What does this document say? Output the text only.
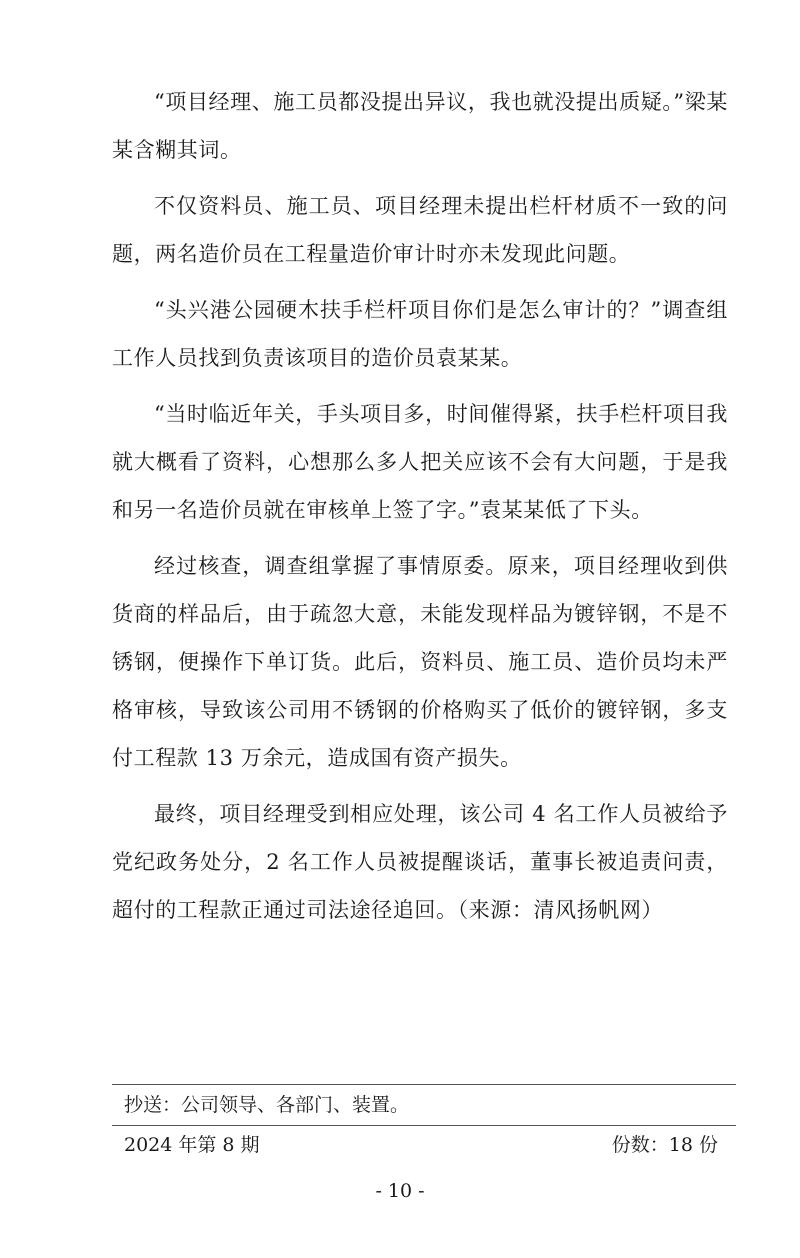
“项目经理、施工员都没提出异议，我也就没提出质疑。”梁某某含糊其词。

不仅资料员、施工员、项目经理未提出栏杆材质不一致的问题，两名造价员在工程量造价审计时亦未发现此问题。

“头兴港公园硬木扶手栏杆项目你们是怎么审计的？”调查组工作人员找到负责该项目的造价员袁某某。

“当时临近年关，手头项目多，时间催得紧，扶手栏杆项目我就大概看了资料，心想那么多人把关应该不会有大问题，于是我和另一名造价员就在审核单上签了字。”袁某某低了下头。

经过核查，调查组掌握了事情原委。原来，项目经理收到供货商的样品后，由于疏忽大意，未能发现样品为镀锌钢，不是不锈钢，便操作下单订货。此后，资料员、施工员、造价员均未严格审核，导致该公司用不锈钢的价格购买了低价的镀锌钢，多支付工程款 13 万余元，造成国有资产损失。

最终，项目经理受到相应处理，该公司 4 名工作人员被给予党纪政务处分，2 名工作人员被提醒谈话，董事长被追责问责，超付的工程款正通过司法途径追回。（来源：清风扬帆网）

抄送：公司领导、各部门、装置。
2024 年第 8 期	份数：18 份
- 10 -
